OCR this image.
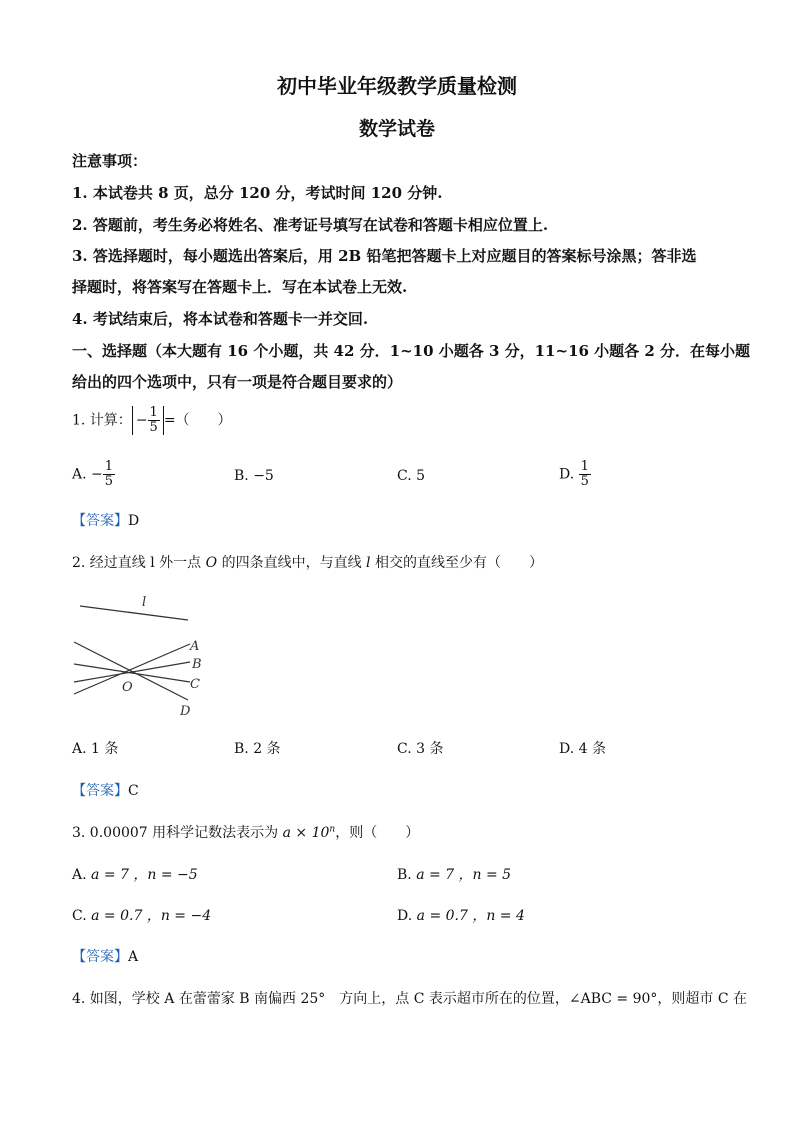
初中毕业年级教学质量检测
数学试卷
注意事项：
1. 本试卷共 8 页，总分 120 分，考试时间 120 分钟.
2. 答题前，考生务必将姓名、准考证号填写在试卷和答题卡相应位置上.
3. 答选择题时，每小题选出答案后，用 2B 铅笔把答题卡上对应题目的答案标号涂黑；答非选
择题时，将答案写在答题卡上．写在本试卷上无效.
4. 考试结束后，将本试卷和答题卡一并交回.
一、选择题（本大题有 16 个小题，共 42 分．1~10 小题各 3 分，11~16 小题各 2 分．在每小题
给出的四个选项中，只有一项是符合题目要求的）
1. 计算： − $\frac{1}{5}$ =（　　）
A. − $\frac{1}{5}$	B. −5	C. 5	D. $\frac{1}{5}$
【答案】D
2. 经过直线 l 外一点 O 的四条直线中，与直线 l 相交的直线至少有（　　）
l
A
B
C
D
O
A. 1 条	B. 2 条	C. 3 条	D. 4 条
【答案】C
3. 0.00007 用科学记数法表示为 $a \times 10^n$，则（　　）
A. a = 7 ，n = −5	B. a = 7 ，n = 5
C. a = 0.7 ，n = −4	D. a = 0.7 ，n = 4
【答案】A
4. 如图，学校 A 在蕾蕾家 B 南偏西 25°　方向上，点 C 表示超市所在的位置，∠ABC = 90°，则超市 C 在
